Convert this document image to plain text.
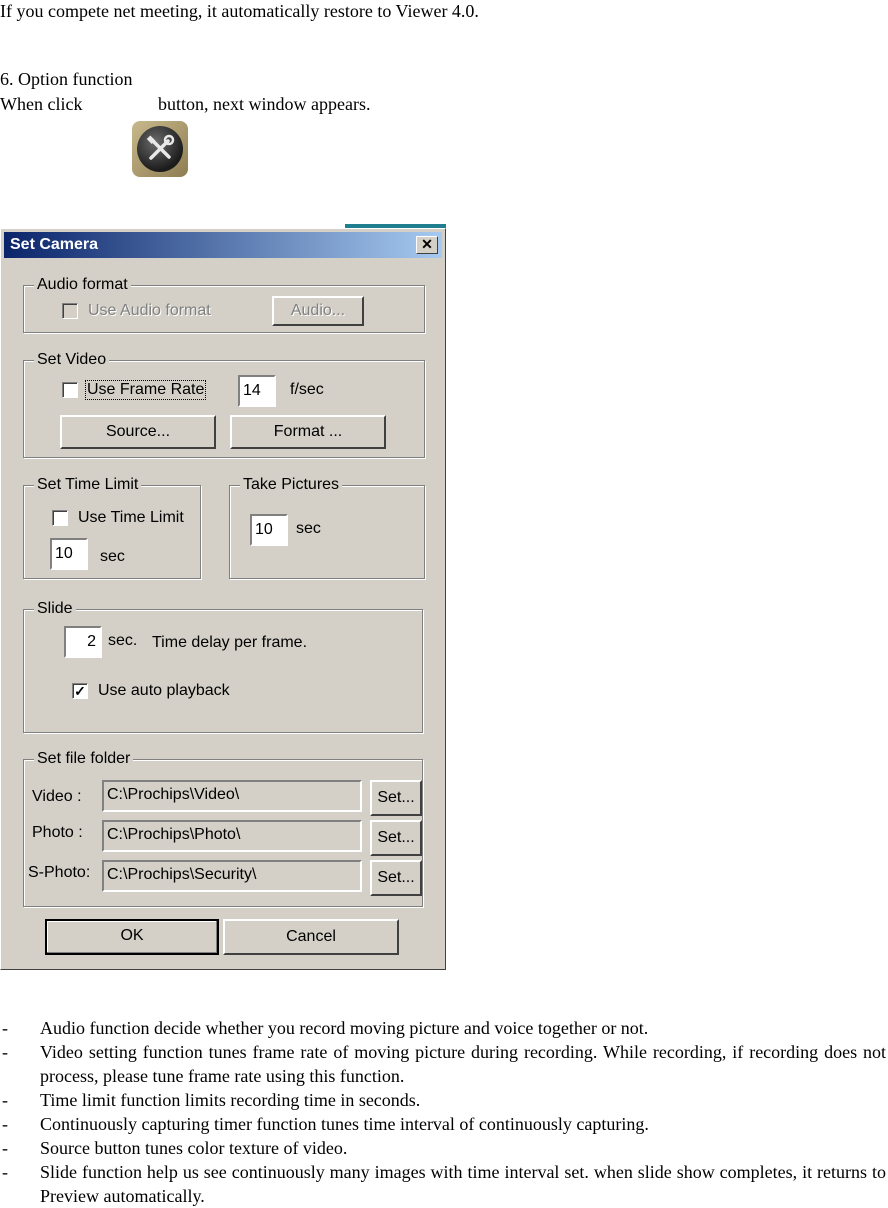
If you compete net meeting, it automatically restore to Viewer 4.0.
6. Option function
When click	button, next window appears.
Set Camera	✕
Audio format
Use Audio format	Audio...
Set Video
Use Frame Rate	14	f/sec
Source...	Format ...
Set Time Limit
Use Time Limit
10	sec
Take Pictures
10	sec
Slide
2 sec. Time delay per frame.
✓ Use auto playback
Set file folder
Video :	C:\Prochips\Video\	Set...
Photo :	C:\Prochips\Photo\	Set...
S-Photo:	C:\Prochips\Security\	Set...
OK	Cancel
- Audio function decide whether you record moving picture and voice together or not.
- Video setting function tunes frame rate of moving picture during recording. While recording, if recording does not process, please tune frame rate using this function.
- Time limit function limits recording time in seconds.
- Continuously capturing timer function tunes time interval of continuously capturing.
- Source button tunes color texture of video.
- Slide function help us see continuously many images with time interval set. when slide show completes, it returns to Preview automatically.
